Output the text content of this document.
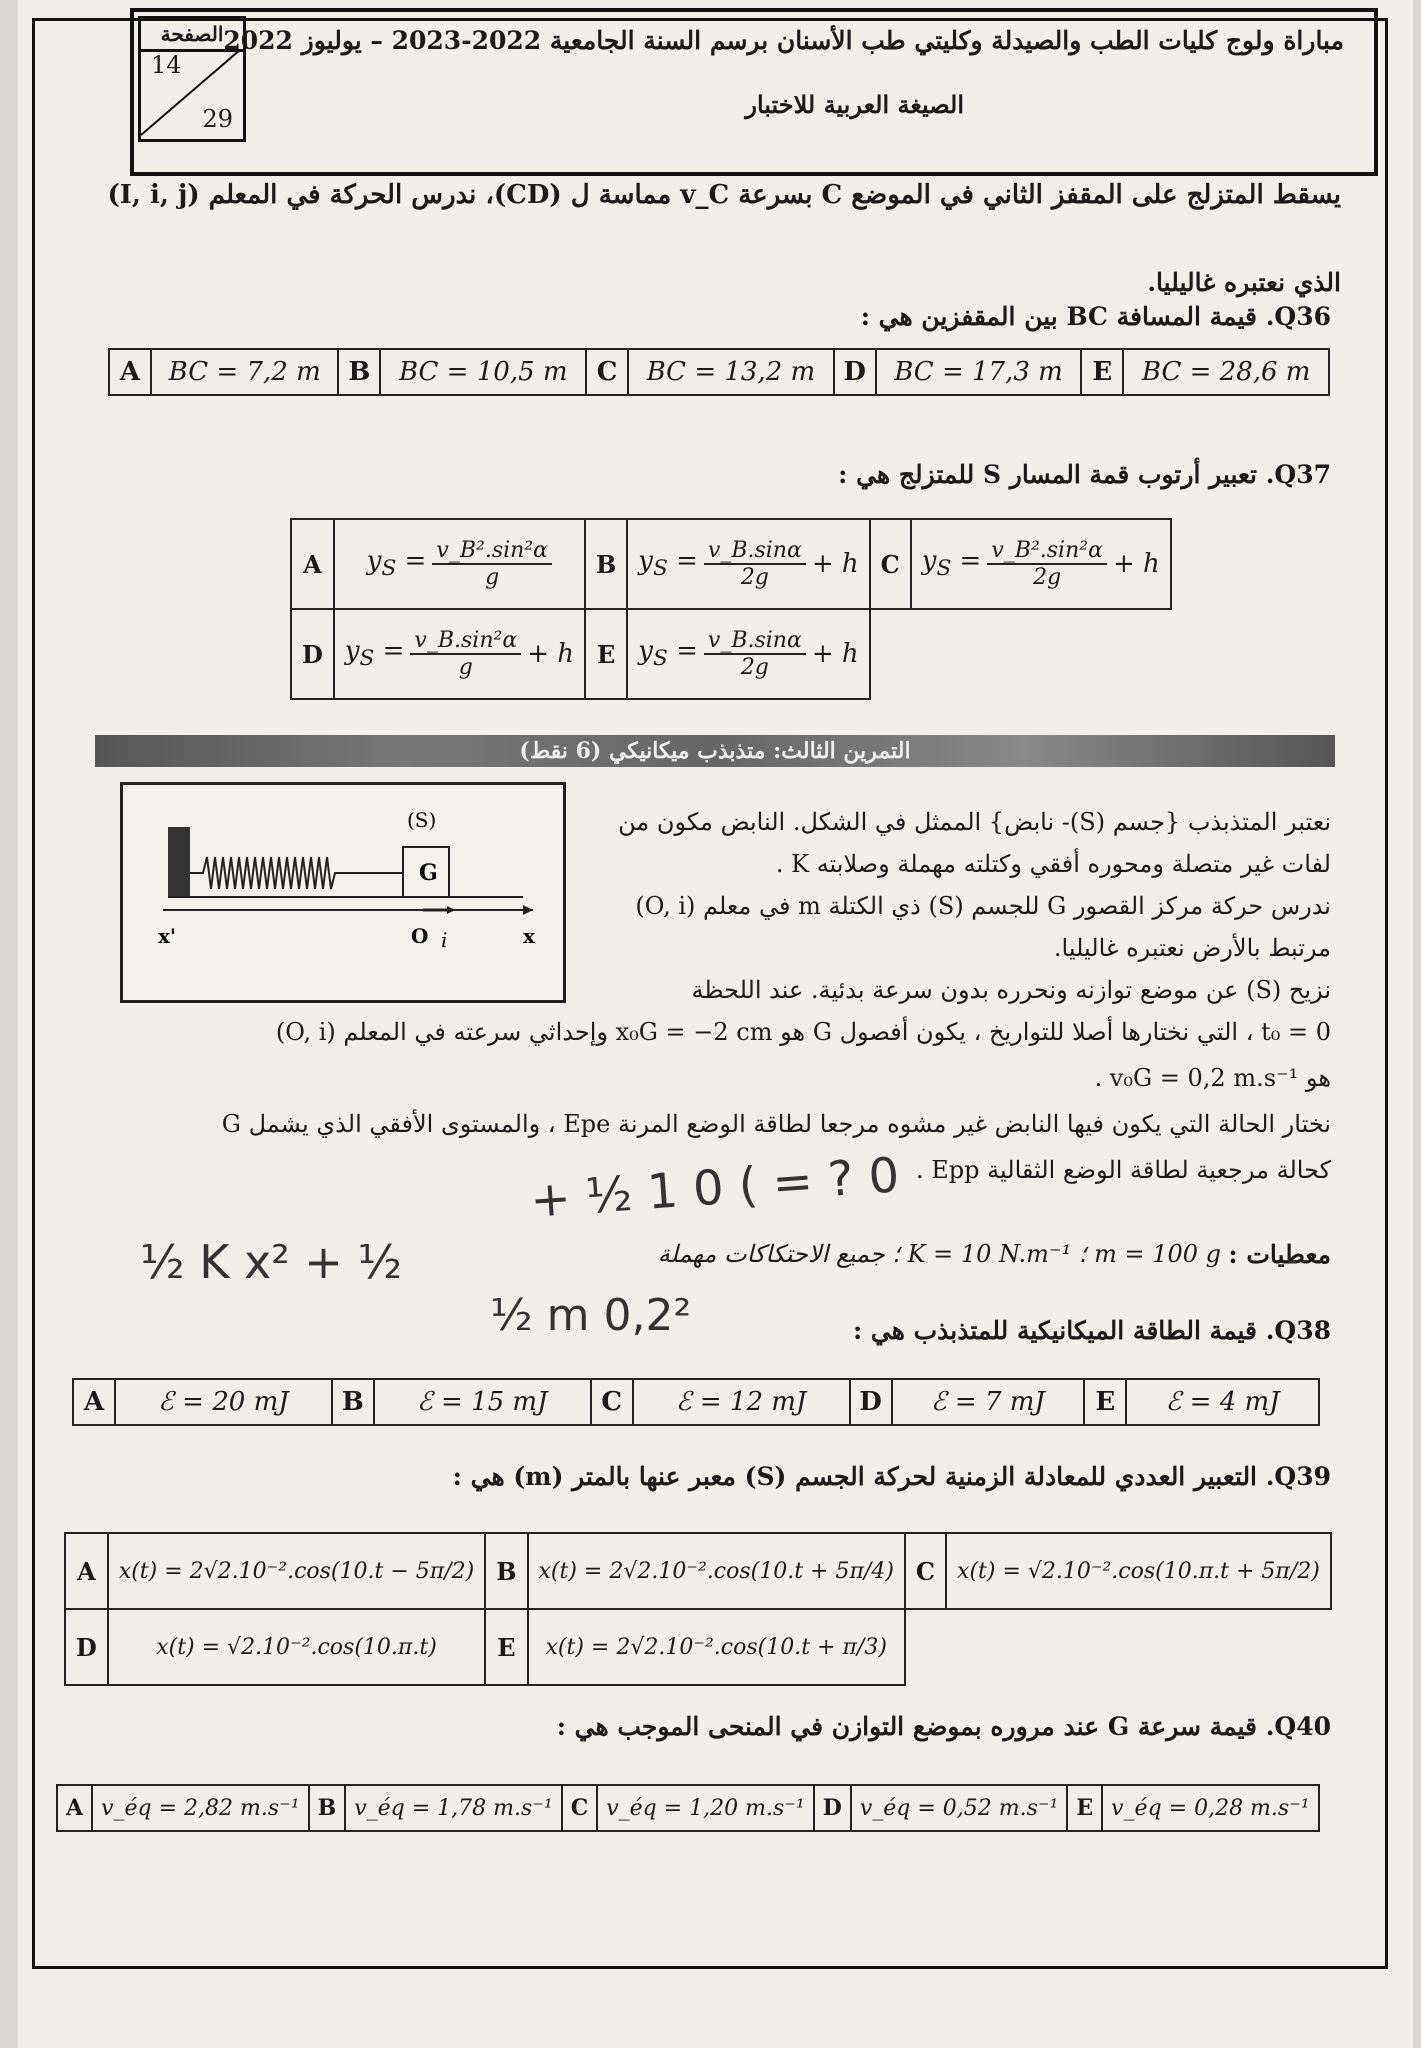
الصفحة
14
29
مباراة ولوج كليات الطب والصيدلة وكليتي طب الأسنان برسم السنة الجامعية 2022-2023 – يوليوز 2022
الصيغة العربية للاختبار
يسقط المتزلج على المقفز الثاني في الموضع C بسرعة v_C مماسة ل (CD)، ندرس الحركة في المعلم (I, i, j)
الذي نعتبره غاليليا.
Q36. قيمة المسافة BC بين المقفزين هي :
A	BC = 7,2 m	B	BC = 10,5 m	C	BC = 13,2 m	D	BC = 17,3 m	E	BC = 28,6 m
Q37. تعبير أرتوب قمة المسار S للمتزلج هي :
A	$y_S = \frac{\text{v\_B².sin²α}}{g}$	B	$y_S = \frac{v\_B.\sin\alpha}{2g} + h$	C	$y_S = \frac{\text{v\_B².sin²α}}{2g} + h$

D	$y_S = \frac{\text{v\_B.sin²α}}{g} + h$	E	$y_S = \frac{v\_B.\sin\alpha}{2g} + h$		

التمرين الثالث: متذبذب ميكانيكي (6 نقط)
(S)
G
x'	x
O i
نعتبر المتذبذب {جسم (S)- نابض} الممثل في الشكل. النابض مكون من
لفات غير متصلة ومحوره أفقي وكتلته مهملة وصلابته K .
ندرس حركة مركز القصور G للجسم (S) ذي الكتلة m في معلم (O, i)
مرتبط بالأرض نعتبره غاليليا.
نزيح (S) عن موضع توازنه ونحرره بدون سرعة بدئية. عند اللحظة
t₀ = 0 ، التي نختارها أصلا للتواريخ ، يكون أفصول G هو x₀G = −2 cm وإحداثي سرعته في المعلم (O, i)
هو v₀G = 0,2 m.s⁻¹ .
نختار الحالة التي يكون فيها النابض غير مشوه مرجعا لطاقة الوضع المرنة Epe ، والمستوى الأفقي الذي يشمل G
كحالة مرجعية لطاقة الوضع الثقالية Epp .
+ ½ 1 0 ( = ? 0
½ K x² + ½
½ m 0,2²
معطيات :
m = 100 g ؛ K = 10 N.m⁻¹ ؛ جميع الاحتكاكات مهملة
Q38. قيمة الطاقة الميكانيكية للمتذبذب هي :
A	ℰ = 20 mJ	B	ℰ = 15 mJ	C	ℰ = 12 mJ	D	ℰ = 7 mJ	E	ℰ = 4 mJ
Q39. التعبير العددي للمعادلة الزمنية لحركة الجسم (S) معبر عنها بالمتر (m) هي :
A	x(t) = 2√2.10⁻².cos(10.t − 5π/2)	B	x(t) = 2√2.10⁻².cos(10.t + 5π/4)	C	x(t) = √2.10⁻².cos(10.π.t + 5π/2)
D	x(t) = √2.10⁻².cos(10.π.t)	E	x(t) = 2√2.10⁻².cos(10.t + π/3)		
Q40. قيمة سرعة G عند مروره بموضع التوازن في المنحى الموجب هي :
A	v_éq = 2,82 m.s⁻¹	B	v_éq = 1,78 m.s⁻¹	C	v_éq = 1,20 m.s⁻¹	D	v_éq = 0,52 m.s⁻¹	E	v_éq = 0,28 m.s⁻¹
